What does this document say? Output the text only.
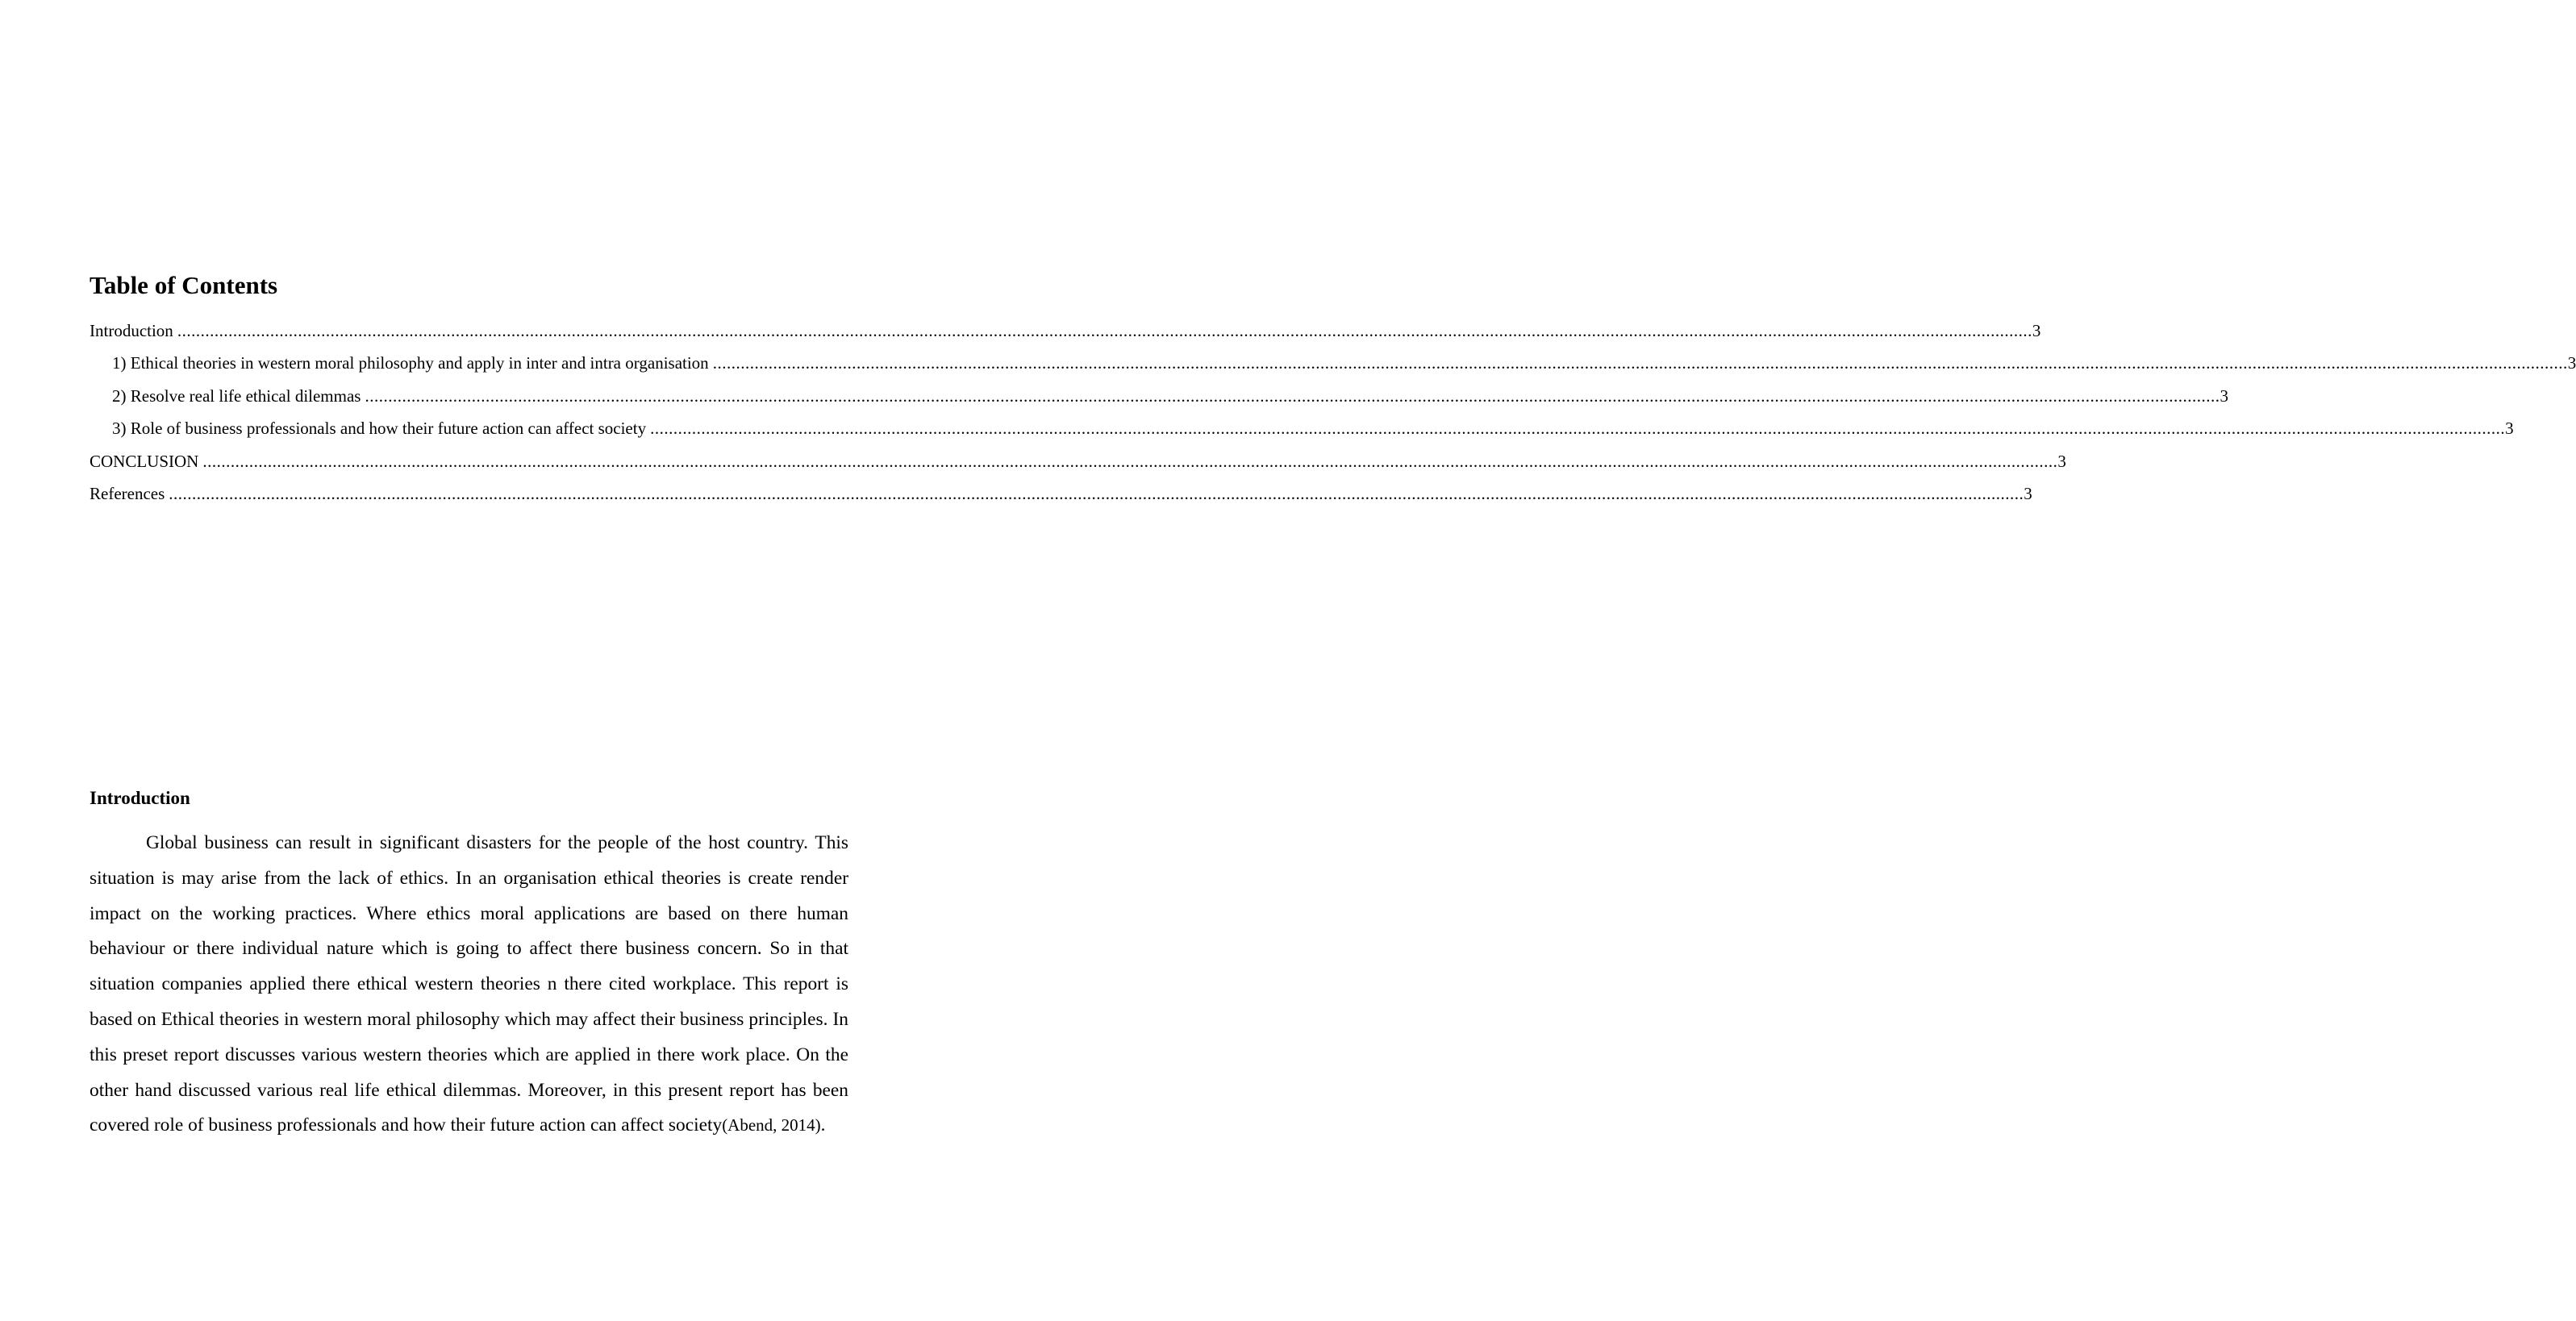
Table of Contents
Introduction ................................................................................................................................................................................................................................................................................................................................................................................................................ 3
1) Ethical theories in western moral philosophy and apply in inter and intra organisation ................................................................................................................................................................................................................................................................................................................................................................................................................ 3
2) Resolve real life ethical dilemmas ................................................................................................................................................................................................................................................................................................................................................................................................................ 3
3) Role of business professionals and how their future action can affect society ................................................................................................................................................................................................................................................................................................................................................................................................................ 3
CONCLUSION ................................................................................................................................................................................................................................................................................................................................................................................................................ 3
References ................................................................................................................................................................................................................................................................................................................................................................................................................ 3
Introduction

Global business can result in significant disasters for the people of the host country. This situation is may arise from the lack of ethics. In an organisation ethical theories is create render impact on the working practices. Where ethics moral applications are based on there human behaviour or there individual nature which is going to affect there business concern. So in that situation companies applied there ethical western theories n there cited workplace. This report is based on Ethical theories in western moral philosophy which may affect their business principles. In this preset report discusses various western theories which are applied in there work place. On the other hand discussed various real life ethical dilemmas. Moreover, in this present report has been covered role of business professionals and how their future action can affect society(Abend, 2014).
